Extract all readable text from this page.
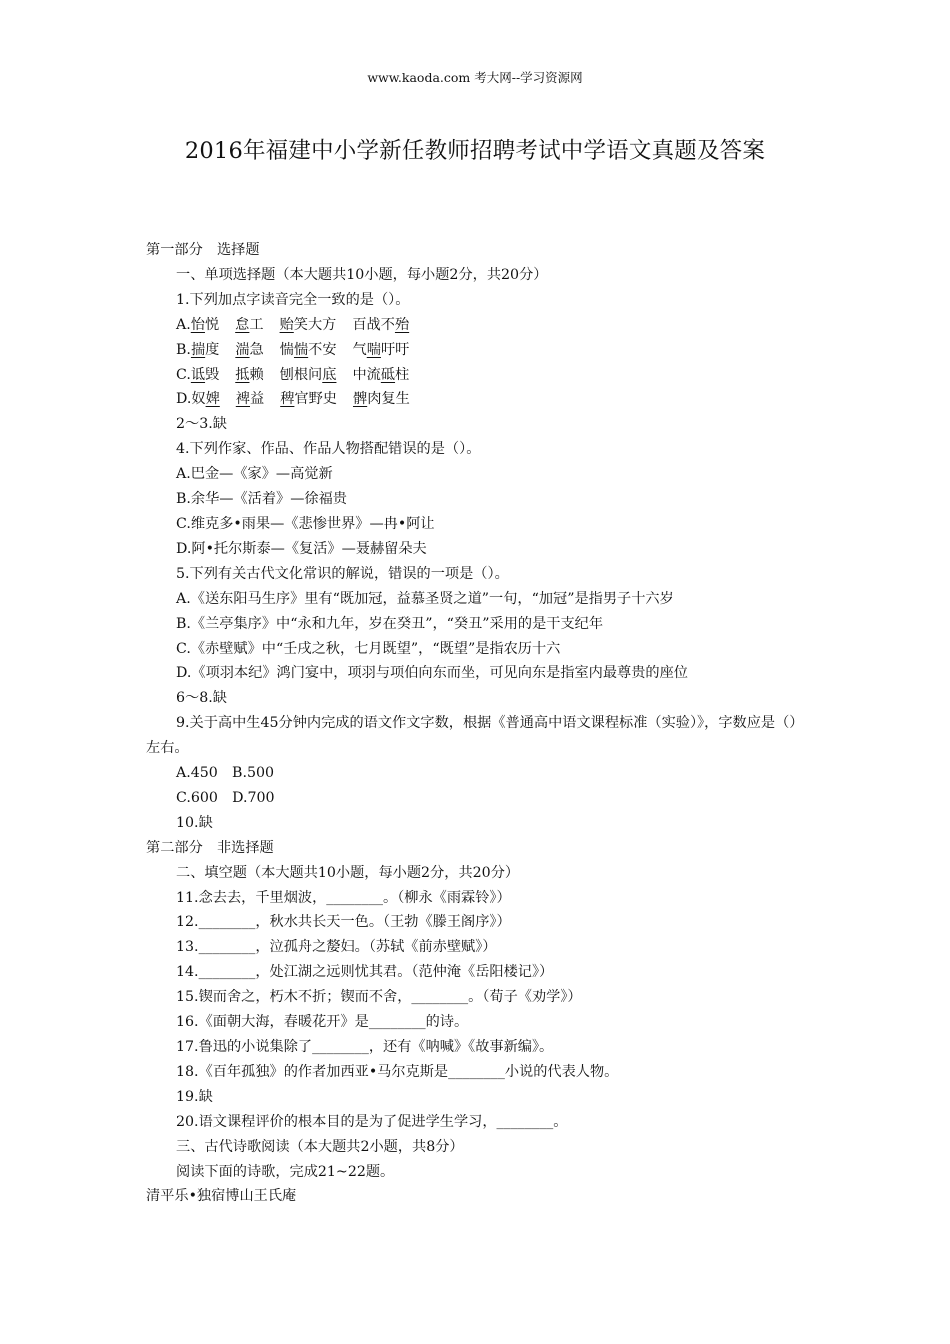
www.kaoda.com 考大网--学习资源网
2016年福建中小学新任教师招聘考试中学语文真题及答案
第一部分　选择题
一、单项选择题（本大题共10小题，每小题2分，共20分）
1.下列加点字读音完全一致的是（）。
A.怡悦 怠工 贻笑大方 百战不殆
B.揣度 湍急 惴惴不安 气喘吁吁
C.诋毁 抵赖 刨根问底 中流砥柱
D.奴婢 裨益 稗官野史 髀肉复生
2～3.缺
4.下列作家、作品、作品人物搭配错误的是（）。
A.巴金—《家》—高觉新
B.余华—《活着》—徐福贵
C.维克多•雨果—《悲惨世界》—冉•阿让
D.阿•托尔斯泰—《复活》—聂赫留朵夫
5.下列有关古代文化常识的解说，错误的一项是（）。
A.《送东阳马生序》里有“既加冠，益慕圣贤之道”一句，“加冠”是指男子十六岁
B.《兰亭集序》中“永和九年，岁在癸丑”，“癸丑”采用的是干支纪年
C.《赤壁赋》中“壬戌之秋，七月既望”，“既望”是指农历十六
D.《项羽本纪》鸿门宴中，项羽与项伯向东而坐，可见向东是指室内最尊贵的座位
6～8.缺
9.关于高中生45分钟内完成的语文作文字数，根据《普通高中语文课程标准（实验）》，字数应是（）左右。
A.450　B.500
C.600　D.700
10.缺
第二部分　非选择题
二、填空题（本大题共10小题，每小题2分，共20分）
11.念去去，千里烟波，________。（柳永《雨霖铃》）
12.________，秋水共长天一色。（王勃《滕王阁序》）
13.________，泣孤舟之嫠妇。（苏轼《前赤壁赋》）
14.________，处江湖之远则忧其君。（范仲淹《岳阳楼记》）
15.锲而舍之，朽木不折；锲而不舍，________。（荀子《劝学》）
16.《面朝大海，春暖花开》是________的诗。
17.鲁迅的小说集除了________，还有《呐喊》《故事新编》。
18.《百年孤独》的作者加西亚•马尔克斯是________小说的代表人物。
19.缺
20.语文课程评价的根本目的是为了促进学生学习，________。
三、古代诗歌阅读（本大题共2小题，共8分）
阅读下面的诗歌，完成21~22题。
清平乐•独宿博山王氏庵
